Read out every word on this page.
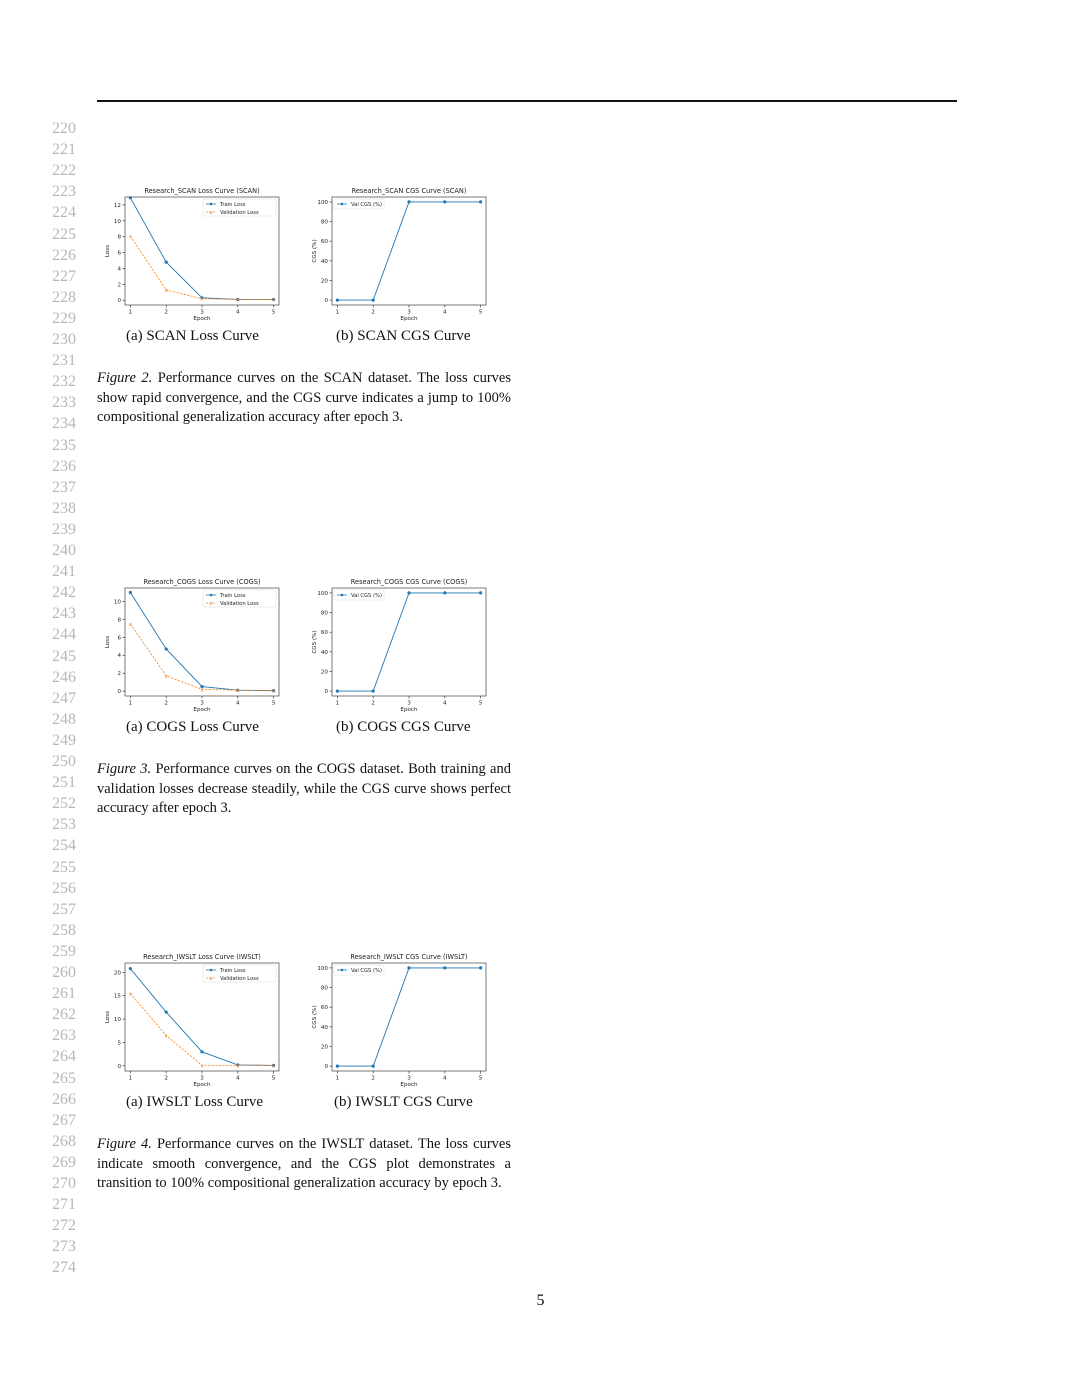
220
221
222
223
224
225
226
227
228
229
230
231
232
233
234
235
236
237
238
239
240
241
242
243
244
245
246
247
248
249
250
251
252
253
254
255
256
257
258
259
260
261
262
263
264
265
266
267
268
269
270
271
272
273
274
Research_SCAN Loss Curve (SCAN)
1	2	3	4	5
0
2
4
6
8
10
12
Epoch
Loss
Train Loss
x
x
x	x	x
x Validation Loss
Research_SCAN CGS Curve (SCAN)
1	2	3	4	5
0
20
40
60
80
100
Epoch
CGS (%)
Val CGS (%)
(a) SCAN Loss Curve	(b) SCAN CGS Curve
Figure 2. Performance curves on the SCAN dataset. The loss curves show rapid convergence, and the CGS curve indicates a jump to 100% compositional generalization accuracy after epoch 3.
Research_COGS Loss Curve (COGS)
1	2	3	4	5
0
2
4
6
8
10
Epoch
Loss
Train Loss
x
x
x	x	x
x Validation Loss
Research_COGS CGS Curve (COGS)
1	2	3	4	5
0
20
40
60
80
100
Epoch
CGS (%)
Val CGS (%)
(a) COGS Loss Curve	(b) COGS CGS Curve
Figure 3. Performance curves on the COGS dataset. Both training and validation losses decrease steadily, while the CGS curve shows perfect accuracy after epoch 3.
Research_IWSLT Loss Curve (IWSLT)
1	2	3	4	5
0
5
10
15
20
Epoch
Loss
Train Loss
x
x
x	x	x
x Validation Loss
Research_IWSLT CGS Curve (IWSLT)
1	2	3	4	5
0
20
40
60
80
100
Epoch
CGS (%)
Val CGS (%)
(a) IWSLT Loss Curve	(b) IWSLT CGS Curve
Figure 4. Performance curves on the IWSLT dataset. The loss curves indicate smooth convergence, and the CGS plot demonstrates a transition to 100% compositional generalization accuracy by epoch 3.
5
